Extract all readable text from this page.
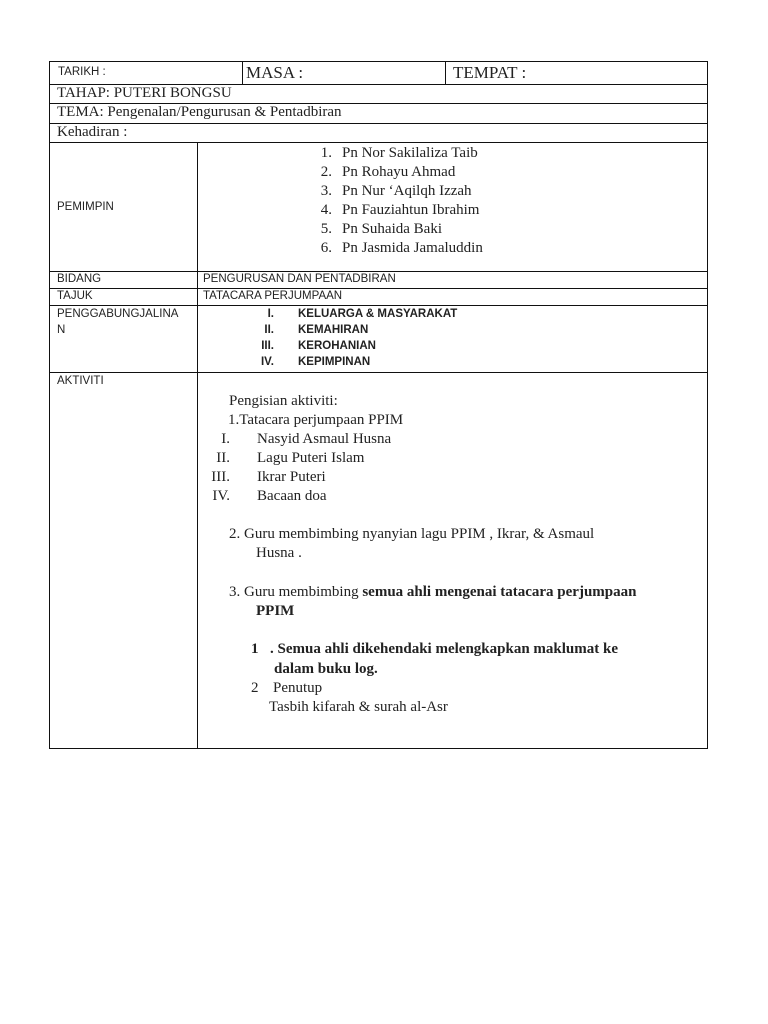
TARIKH :	MASA :	TEMPAT :
TAHAP: PUTERI BONGSU
TEMA: Pengenalan/Pengurusan & Pentadbiran
Kehadiran :
PEMIMPIN
1. Pn Nor Sakilaliza Taib
2. Pn Rohayu Ahmad
3. Pn Nur ‘Aqilqh Izzah
4. Pn Fauziahtun Ibrahim
5. Pn Suhaida Baki
6. Pn Jasmida Jamaluddin
BIDANG	PENGURUSAN DAN PENTADBIRAN
TAJUK	TATACARA PERJUMPAAN
PENGGABUNGJALINA
N
I. KELUARGA & MASYARAKAT
II. KEMAHIRAN
III. KEROHANIAN
IV. KEPIMPINAN
AKTIVITI
Pengisian aktiviti:
1.Tatacara perjumpaan PPIM
I. Nasyid Asmaul Husna
II. Lagu Puteri Islam
III. Ikrar Puteri
IV. Bacaan doa
2. Guru membimbing nyanyian lagu PPIM , Ikrar, & Asmaul
Husna .
3. Guru membimbing semua ahli mengenai tatacara perjumpaan
PPIM
1 . Semua ahli dikehendaki melengkapkan maklumat ke
dalam buku log.
2 Penutup
Tasbih kifarah & surah al-Asr
